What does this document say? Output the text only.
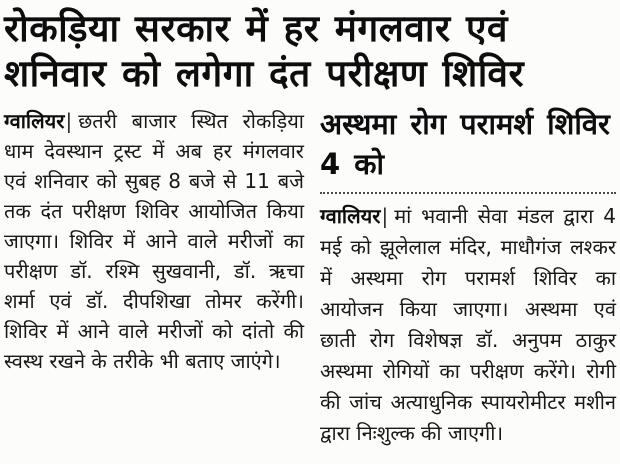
रोकड़िया सरकार में हर मंगलवार एवं शनिवार को लगेगा दंत परीक्षण शिविर

ग्वालियर| छतरी बाजार स्थित रोकड़िया धाम देवस्थान ट्रस्ट में अब हर मंगलवार एवं शनिवार को सुबह 8 बजे से 11 बजे तक दंत परीक्षण शिविर आयोजित किया जाएगा। शिविर में आने वाले मरीजों का परीक्षण डॉ. रश्मि सुखवानी, डॉ. ऋचा शर्मा एवं डॉ. दीपशिखा तोमर करेंगी। शिविर में आने वाले मरीजों को दांतो की स्वस्थ रखने के तरीके भी बताए जाएंगे।

अस्थमा रोग परामर्श शिविर 4 को

ग्वालियर| मां भवानी सेवा मंडल द्वारा 4 मई को झूलेलाल मंदिर, माधौगंज लश्कर में अस्थमा रोग परामर्श शिविर का आयोजन किया जाएगा। अस्थमा एवं छाती रोग विशेषज्ञ डॉ. अनुपम ठाकुर अस्थमा रोगियों का परीक्षण करेंगे। रोगी की जांच अत्याधुनिक स्पायरोमीटर मशीन द्वारा निःशुल्क की जाएगी।
